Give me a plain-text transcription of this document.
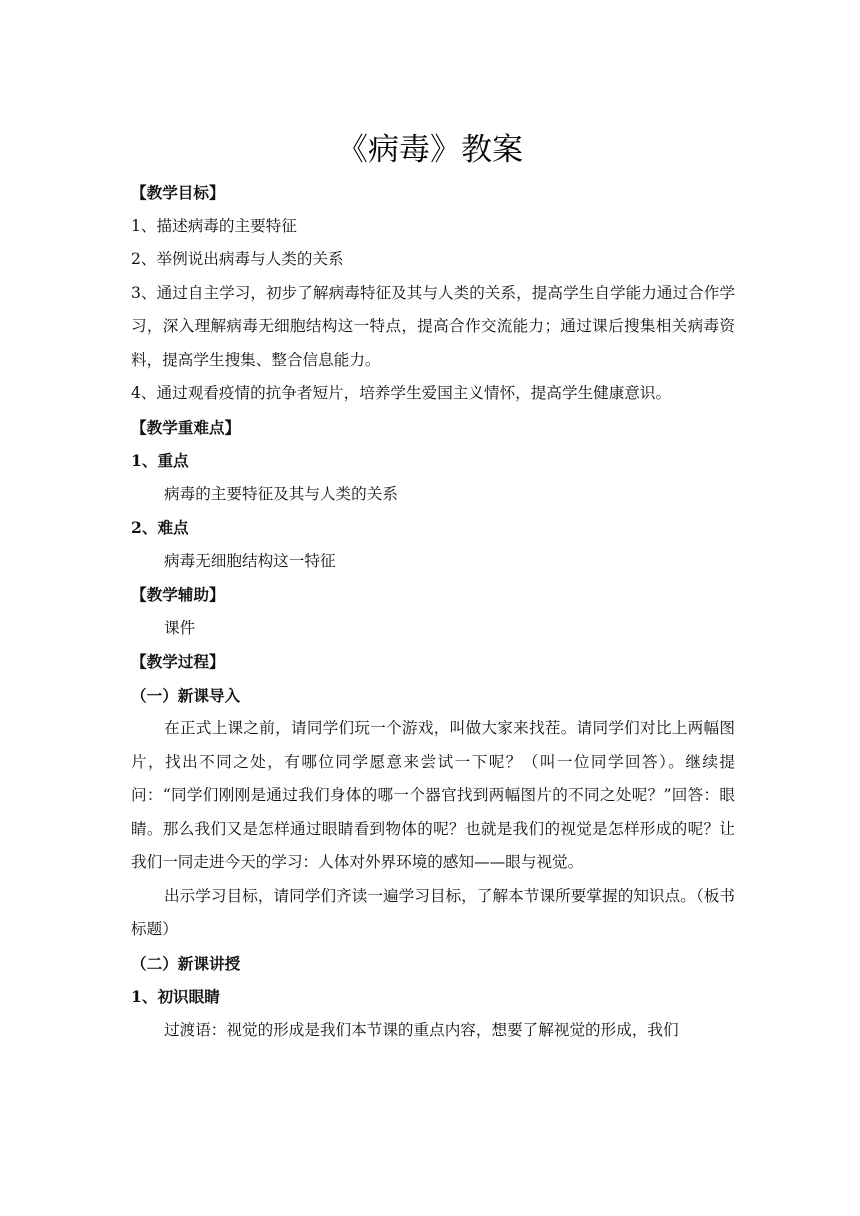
《病毒》教案

【教学目标】

1、描述病毒的主要特征

2、举例说出病毒与人类的关系

3、通过自主学习，初步了解病毒特征及其与人类的关系，提高学生自学能力通过合作学习，深入理解病毒无细胞结构这一特点，提高合作交流能力；通过课后搜集相关病毒资料，提高学生搜集、整合信息能力。

4、通过观看疫情的抗争者短片，培养学生爱国主义情怀，提高学生健康意识。

【教学重难点】

1、重点

病毒的主要特征及其与人类的关系

2、难点

病毒无细胞结构这一特征

【教学辅助】

课件

【教学过程】

（一）新课导入

在正式上课之前，请同学们玩一个游戏，叫做大家来找茬。请同学们对比上两幅图片，找出不同之处，有哪位同学愿意来尝试一下呢？（叫一位同学回答）。继续提问：“同学们刚刚是通过我们身体的哪一个器官找到两幅图片的不同之处呢？”回答：眼睛。那么我们又是怎样通过眼睛看到物体的呢？也就是我们的视觉是怎样形成的呢？让我们一同走进今天的学习：人体对外界环境的感知——眼与视觉。

出示学习目标，请同学们齐读一遍学习目标，了解本节课所要掌握的知识点。（板书标题）

（二）新课讲授

1、初识眼睛

过渡语：视觉的形成是我们本节课的重点内容，想要了解视觉的形成，我们
